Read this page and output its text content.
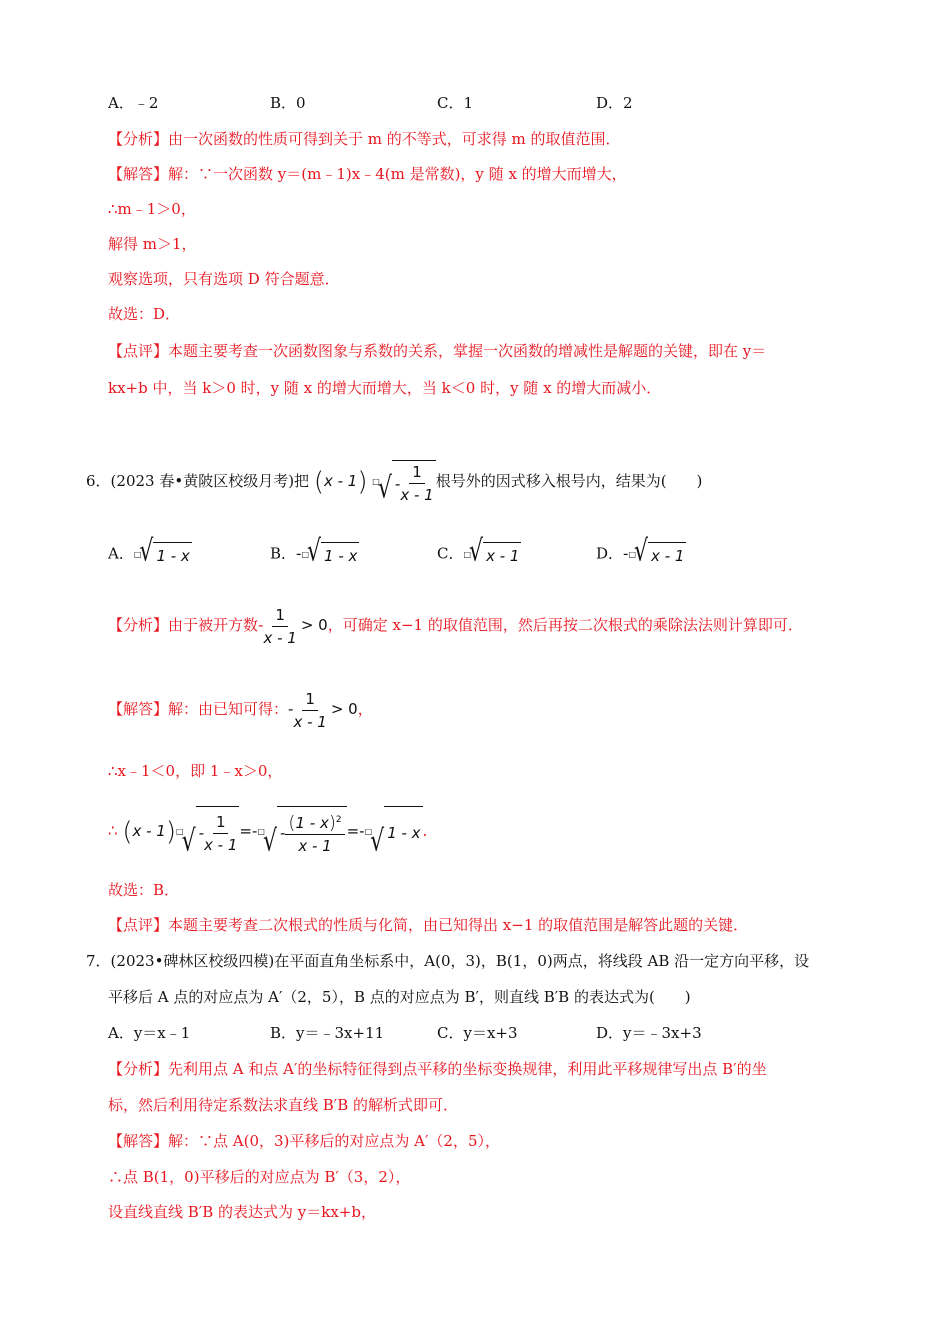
A．﹣2	B．0	C．1	D．2
【分析】由一次函数的性质可得到关于 m 的不等式，可求得 m 的取值范围．
【解答】解：∵一次函数 y＝(m﹣1)x﹣4(m 是常数)，y 随 x 的增大而增大，
∴m﹣1＞0，
解得 m＞1，
观察选项，只有选项 D 符合题意．
故选：D．
【点评】本题主要考查一次函数图象与系数的关系，掌握一次函数的增减性是解题的关键，即在 y＝
kx+b 中，当 k＞0 时，y 随 x 的增大而增大，当 k＜0 时，y 随 x 的增大而减小．
6．(2023 春•黄陂区校级月考)把 (x - 1) □
√ - $\frac{1}{x - 1}$ 根号外的因式移入根号内，结果为(　　)
A．□
√ 1 - x	B．-□
√ 1 - x	C．□
√ x - 1	D．-□
√ x - 1
【分析】由于被开方数- $\frac{1}{x - 1} > 0$，可确定 x−1 的取值范围，然后再按二次根式的乘除法法则计算即可．
【解答】解：由已知可得：- $\frac{1}{x - 1} > 0$，
∴x﹣1＜0，即 1﹣x＞0，
∴ (x - 1)□
√ - $\frac{1}{x - 1} =-^□$
√ - $\frac{(1 - x)^2}{x - 1} =-^□$
√ 1 - x ．
故选：B．
【点评】本题主要考查二次根式的性质与化简，由已知得出 x−1 的取值范围是解答此题的关键．
7．(2023•碑林区校级四模)在平面直角坐标系中，A(0，3)，B(1，0)两点，将线段 AB 沿一定方向平移，设
平移后 A 点的对应点为 A′（2，5），B 点的对应点为 B′，则直线 B′B 的表达式为(　　)
A．y＝x﹣1	B．y＝﹣3x+11	C．y＝x+3	D．y＝﹣3x+3
【分析】先利用点 A 和点 A′的坐标特征得到点平移的坐标变换规律，利用此平移规律写出点 B′的坐
标，然后利用待定系数法求直线 B′B 的解析式即可．
【解答】解：∵点 A(0，3)平移后的对应点为 A′（2，5），
∴点 B(1，0)平移后的对应点为 B′（3，2），
设直线直线 B′B 的表达式为 y＝kx+b，
